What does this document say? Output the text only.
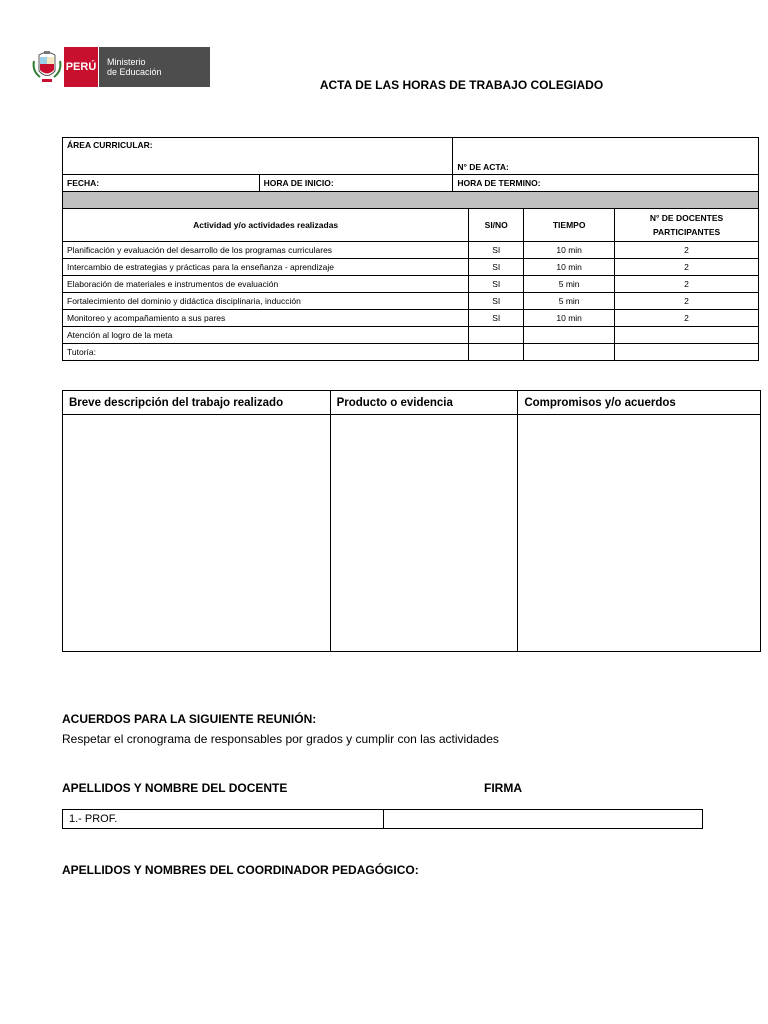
PERÚ Ministerio
de Educación
ACTA DE LAS HORAS DE TRABAJO COLEGIADO
ÁREA CURRICULAR:		N° DE ACTA:			
FECHA:	HORA DE INICIO:	HORA DE TERMINO:			

Actividad y/o actividades realizadas			SI/NO	TIEMPO	N° DE DOCENTES
PARTICIPANTES
Planificación y evaluación del desarrollo de los programas curriculares			SI	10 min	2
Intercambio de estrategias y prácticas para la enseñanza - aprendizaje			SI	10 min	2
Elaboración de materiales e instrumentos de evaluación			SI	5 min	2
Fortalecimiento del dominio y didáctica disciplinaria, inducción			SI	5 min	2
Monitoreo y acompañamiento a sus pares			SI	10 min	2
Atención al logro de la meta					
Tutoría:					
Breve descripción del trabajo realizado	Producto o evidencia	Compromisos y/o acuerdos

ACUERDOS PARA LA SIGUIENTE REUNIÓN:
Respetar el cronograma de responsables por grados y cumplir con las actividades
APELLIDOS Y NOMBRE DEL DOCENTE	FIRMA
1.- PROF.	
APELLIDOS Y NOMBRES DEL COORDINADOR PEDAGÓGICO:
